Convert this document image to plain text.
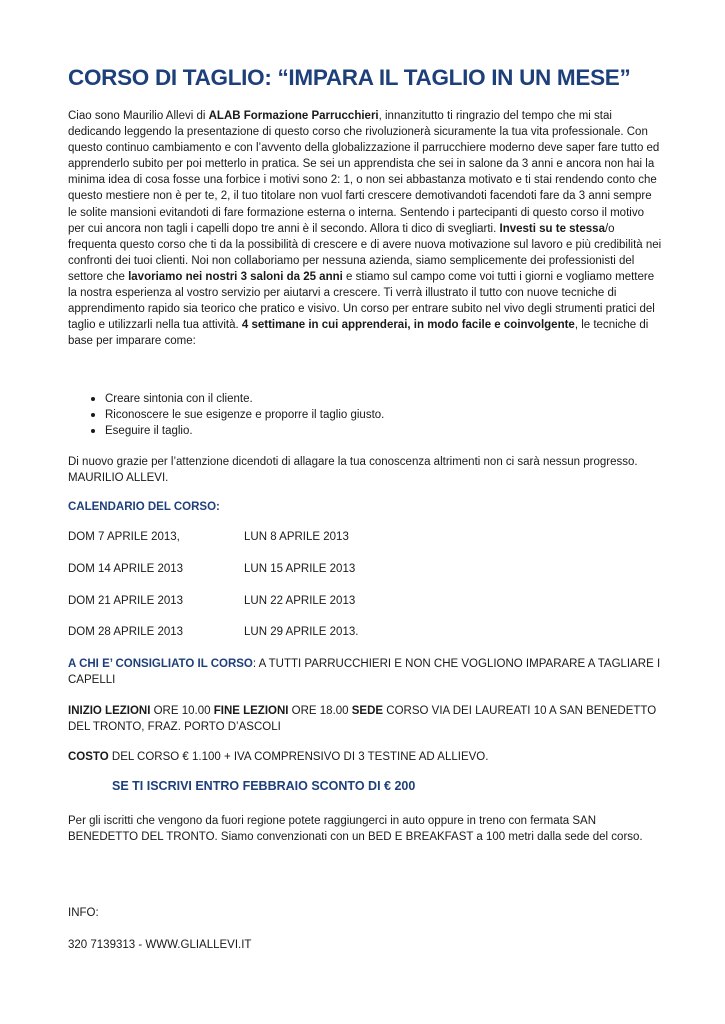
CORSO DI TAGLIO: “IMPARA IL TAGLIO IN UN MESE”
Ciao sono Maurilio Allevi di ALAB Formazione Parrucchieri, innanzitutto ti ringrazio del tempo che mi stai dedicando leggendo la presentazione di questo corso che rivoluzionerà sicuramente la tua vita professionale. Con questo continuo cambiamento e con l’avvento della globalizzazione il parrucchiere moderno deve saper fare tutto ed apprenderlo subito per poi metterlo in pratica. Se sei un apprendista che sei in salone da 3 anni e ancora non hai la minima idea di cosa fosse una forbice i motivi sono 2: 1, o non sei abbastanza motivato e ti stai rendendo conto che questo mestiere non è per te, 2, il tuo titolare non vuol farti crescere demotivandoti facendoti fare da 3 anni sempre le solite mansioni evitandoti di fare formazione esterna o interna. Sentendo i partecipanti di questo corso il motivo per cui ancora non tagli i capelli dopo tre anni è il secondo. Allora ti dico di svegliarti. Investi su te stessa/o frequenta questo corso che ti da la possibilità di crescere e di avere nuova motivazione sul lavoro e più credibilità nei confronti dei tuoi clienti. Noi non collaboriamo per nessuna azienda, siamo semplicemente dei professionisti del settore che lavoriamo nei nostri 3 saloni da 25 anni e stiamo sul campo come voi tutti i giorni e vogliamo mettere la nostra esperienza al vostro servizio per aiutarvi a crescere. Ti verrà illustrato il tutto con nuove tecniche di apprendimento rapido sia teorico che pratico e visivo. Un corso per entrare subito nel vivo degli strumenti pratici del taglio e utilizzarli nella tua attività. 4 settimane in cui apprenderai, in modo facile e coinvolgente, le tecniche di base per imparare come:
Creare sintonia con il cliente.
Riconoscere le sue esigenze e proporre il taglio giusto.
Eseguire il taglio.
Di nuovo grazie per l’attenzione dicendoti di allagare la tua conoscenza altrimenti non ci sarà nessun progresso. MAURILIO ALLEVI.
CALENDARIO DEL CORSO:
DOM 7 APRILE 2013,	LUN 8 APRILE 2013
DOM 14 APRILE 2013	LUN 15 APRILE 2013
DOM 21 APRILE 2013	LUN 22 APRILE 2013
DOM 28 APRILE 2013	LUN 29 APRILE 2013.
A CHI E’ CONSIGLIATO IL CORSO: A TUTTI PARRUCCHIERI E NON CHE VOGLIONO IMPARARE A TAGLIARE I CAPELLI
INIZIO LEZIONI ORE 10.00 FINE LEZIONI ORE 18.00 SEDE CORSO VIA DEI LAUREATI 10 A SAN BENEDETTO DEL TRONTO, FRAZ. PORTO D’ASCOLI
COSTO DEL CORSO € 1.100 + IVA COMPRENSIVO DI 3 TESTINE AD ALLIEVO.
SE TI ISCRIVI ENTRO FEBBRAIO SCONTO DI € 200
Per gli iscritti che vengono da fuori regione potete raggiungerci in auto oppure in treno con fermata SAN BENEDETTO DEL TRONTO. Siamo convenzionati con un BED E BREAKFAST a 100 metri dalla sede del corso.
INFO:
320 7139313 - WWW.GLIALLEVI.IT
